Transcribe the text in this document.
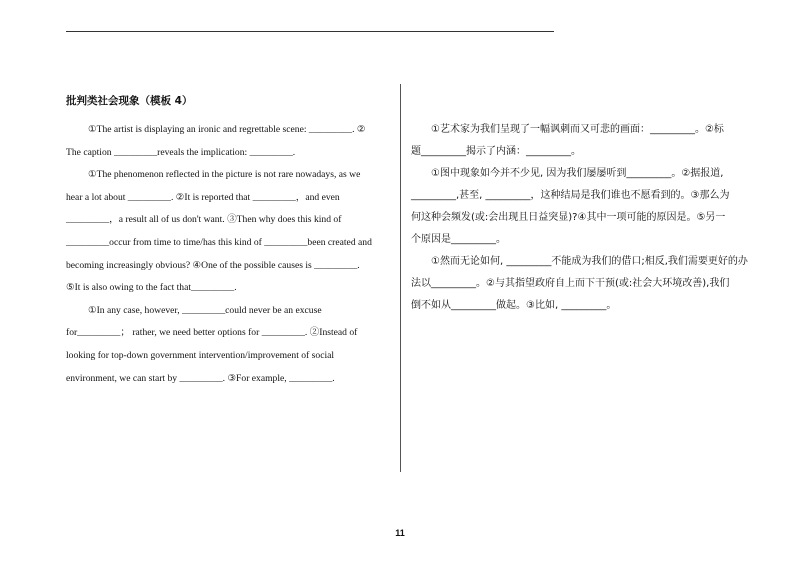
批判类社会现象（模板 4）
①The artist is displaying an ironic and regrettable scene: _________. ②
The caption _________reveals the implication: _________.
①The phenomenon reflected in the picture is not rare nowadays, as we
hear a lot about _________. ②It is reported that _________，and even
_________，a result all of us don't want. ③Then why does this kind of
_________occur from time to time/has this kind of _________been created and
becoming increasingly obvious? ④One of the possible causes is _________.
⑤It is also owing to the fact that_________.
①In any case, however, _________could never be an excuse
for_________； rather, we need better options for _________. ②Instead of
looking for top-down government intervention/improvement of social
environment, we can start by _________. ③For example, _________.
①艺术家为我们呈现了一幅讽刺而又可悲的画面：_________。②标
题_________揭示了内涵：_________。
①图中现象如今并不少见, 因为我们屡屡听到_________。②据报道,
_________,甚至, _________，这种结局是我们谁也不愿看到的。③那么为
何这种会频发(或:会出现且日益突显)?④其中一项可能的原因是。⑤另一
个原因是_________。
①然而无论如何, _________不能成为我们的借口;相反,我们需要更好的办
法以_________。②与其指望政府自上而下干预(或:社会大环境改善),我们
倒不如从_________做起。③比如, _________。
11
